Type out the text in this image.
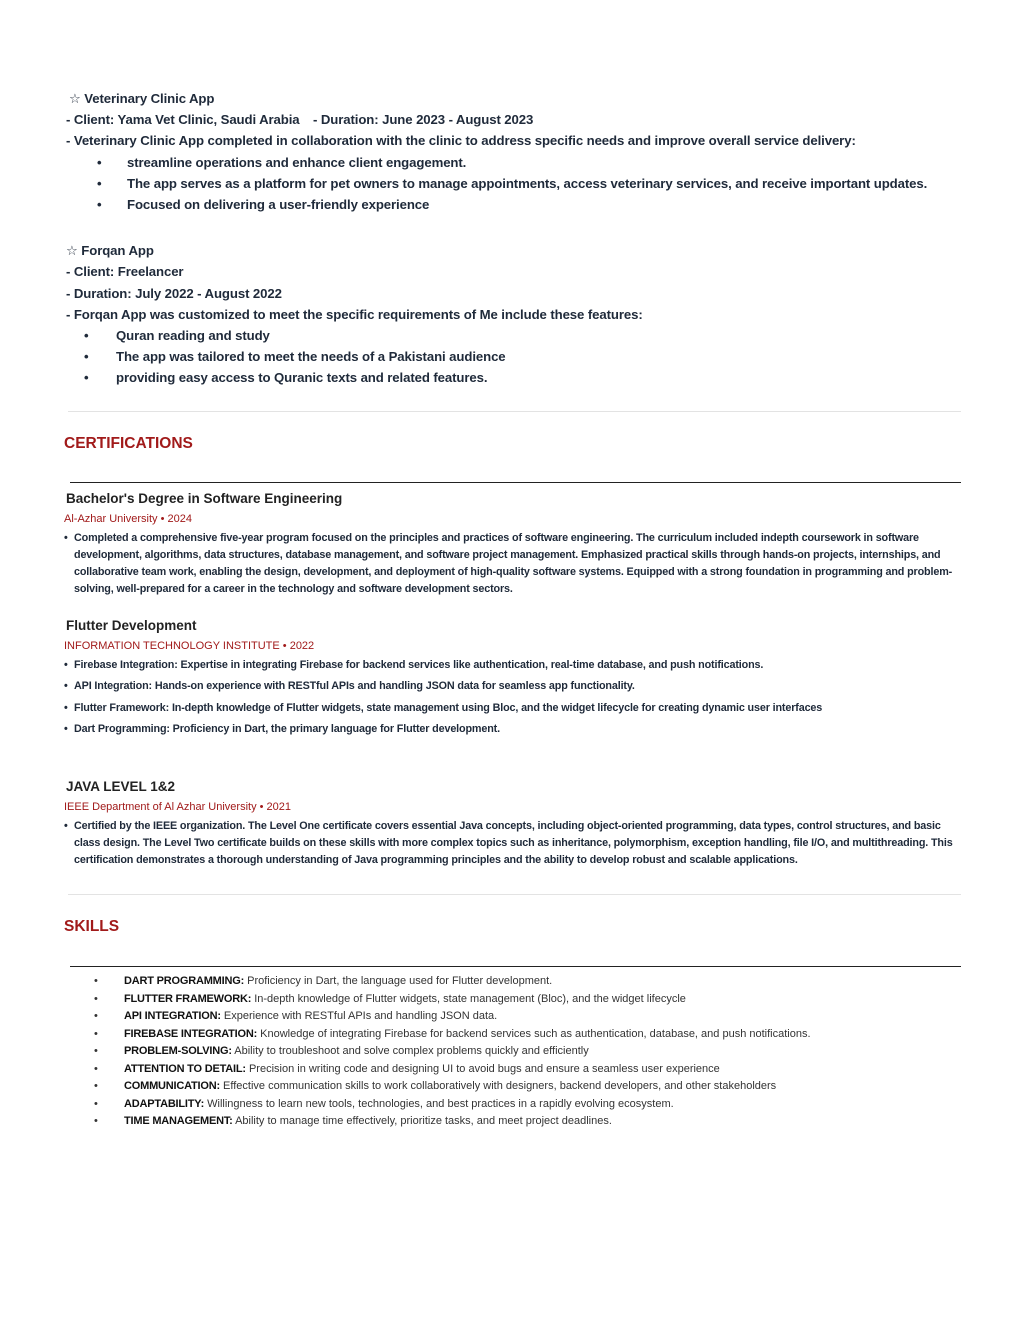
☆ Veterinary Clinic App
- Client: Yama Vet Clinic, Saudi Arabia - Duration: June 2023 - August 2023
- Veterinary Clinic App completed in collaboration with the clinic to address specific needs and improve overall service delivery:
• streamline operations and enhance client engagement.
• The app serves as a platform for pet owners to manage appointments, access veterinary services, and receive important updates.
• Focused on delivering a user-friendly experience
☆ Forqan App
- Client: Freelancer
- Duration: July 2022 - August 2022
- Forqan App was customized to meet the specific requirements of Me include these features:
• Quran reading and study
• The app was tailored to meet the needs of a Pakistani audience
• providing easy access to Quranic texts and related features.
CERTIFICATIONS
Bachelor's Degree in Software Engineering
Al-Azhar University • 2024
• Completed a comprehensive five-year program focused on the principles and practices of software engineering. The curriculum included indepth coursework in software development, algorithms, data structures, database management, and software project management. Emphasized practical skills through hands-on projects, internships, and collaborative team work, enabling the design, development, and deployment of high-quality software systems. Equipped with a strong foundation in programming and problem-solving, well-prepared for a career in the technology and software development sectors.
Flutter Development
INFORMATION TECHNOLOGY INSTITUTE • 2022
• Firebase Integration: Expertise in integrating Firebase for backend services like authentication, real-time database, and push notifications.
• API Integration: Hands-on experience with RESTful APIs and handling JSON data for seamless app functionality.
• Flutter Framework: In-depth knowledge of Flutter widgets, state management using Bloc, and the widget lifecycle for creating dynamic user interfaces
• Dart Programming: Proficiency in Dart, the primary language for Flutter development.
JAVA LEVEL 1&2
IEEE Department of Al Azhar University • 2021
• Certified by the IEEE organization. The Level One certificate covers essential Java concepts, including object-oriented programming, data types, control structures, and basic class design. The Level Two certificate builds on these skills with more complex topics such as inheritance, polymorphism, exception handling, file I/O, and multithreading. This certification demonstrates a thorough understanding of Java programming principles and the ability to develop robust and scalable applications.
SKILLS
• DART PROGRAMMING: Proficiency in Dart, the language used for Flutter development.
• FLUTTER FRAMEWORK: In-depth knowledge of Flutter widgets, state management (Bloc), and the widget lifecycle
• API INTEGRATION: Experience with RESTful APIs and handling JSON data.
• FIREBASE INTEGRATION: Knowledge of integrating Firebase for backend services such as authentication, database, and push notifications.
• PROBLEM-SOLVING: Ability to troubleshoot and solve complex problems quickly and efficiently
• ATTENTION TO DETAIL: Precision in writing code and designing UI to avoid bugs and ensure a seamless user experience
• COMMUNICATION: Effective communication skills to work collaboratively with designers, backend developers, and other stakeholders
• ADAPTABILITY: Willingness to learn new tools, technologies, and best practices in a rapidly evolving ecosystem.
• TIME MANAGEMENT: Ability to manage time effectively, prioritize tasks, and meet project deadlines.
